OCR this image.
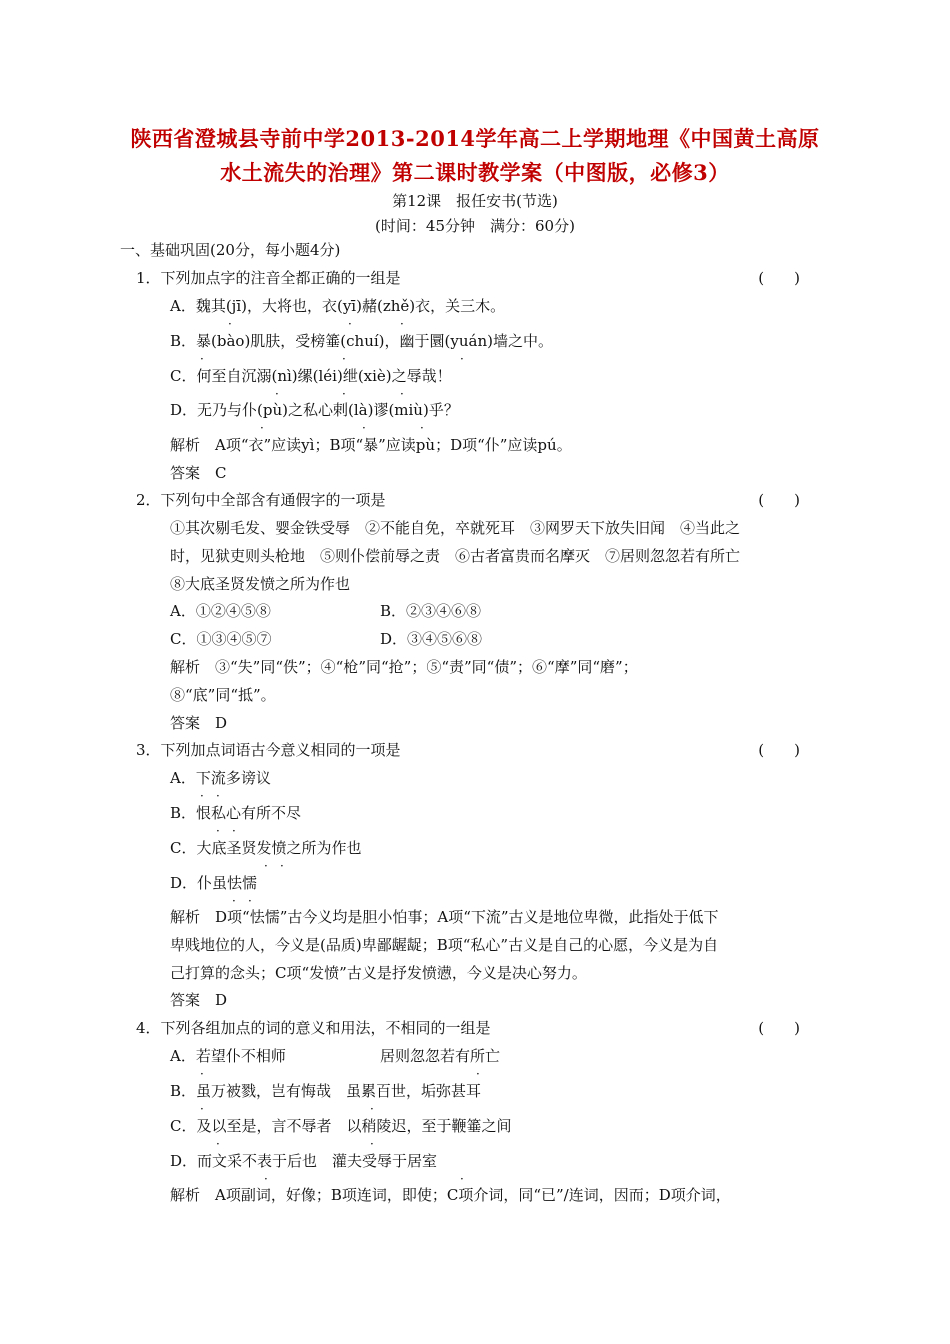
陕西省澄城县寺前中学2013-2014学年高二上学期地理《中国黄土高原
水土流失的治理》第二课时教学案（中图版，必修3）
第12课　报任安书(节选)
(时间：45分钟　满分：60分)
一、基础巩固(20分，每小题4分)
1．下列加点字的注音全都正确的一组是	(　　)
A．魏其(jī)，大将也，衣(yī)赭(zhě)衣，关三木。
B．暴(bào)肌肤，受榜箠(chuí)，幽于圜(yuán)墙之中。
C．何至自沉溺(nì)缧(léi)绁(xiè)之辱哉！
D．无乃与仆(pù)之私心剌(là)谬(miù)乎？
解析　A项“衣”应读yì；B项“暴”应读pù；D项“仆”应读pú。
答案　C
·	·	·
·	·	·
·	·	·
·	·	·
2．下列句中全部含有通假字的一项是	(　　)
①其次剔毛发、婴金铁受辱　②不能自免，卒就死耳　③网罗天下放失旧闻　④当此之
时，见狱吏则头枪地　⑤则仆偿前辱之责　⑥古者富贵而名摩灭　⑦居则忽忽若有所亡
⑧大底圣贤发愤之所为作也
A．①②④⑤⑧	B．②③④⑥⑧
C．①③④⑤⑦	D．③④⑤⑥⑧
解析　③“失”同“佚”；④“枪”同“抢”；⑤“责”同“债”；⑥“摩”同“磨”；
⑧“底”同“抵”。
答案　D
3．下列加点词语古今意义相同的一项是	(　　)
A．下流多谤议
B．恨私心有所不尽
C．大底圣贤发愤之所为作也
D．仆虽怯懦
· ·
· ·
· ·
· ·
解析　D项“怯懦”古今义均是胆小怕事；A项“下流”古义是地位卑微，此指处于低下
卑贱地位的人，今义是(品质)卑鄙龌龊；B项“私心”古义是自己的心愿，今义是为自
己打算的念头；C项“发愤”古义是抒发愤懑，今义是决心努力。
答案　D
4．下列各组加点的词的意义和用法，不相同的一组是	(　　)
A．若望仆不相师	居则忽忽若有所亡
B．虽万被戮，岂有悔哉　虽累百世，垢弥甚耳
C．及以至是，言不辱者　以稍陵迟，至于鞭箠之间
D．而文采不表于后也　灌夫受辱于居室
·	·
·	·
·	·
·	·
解析　A项副词，好像；B项连词，即使；C项介词，同“已”/连词，因而；D项介词，
